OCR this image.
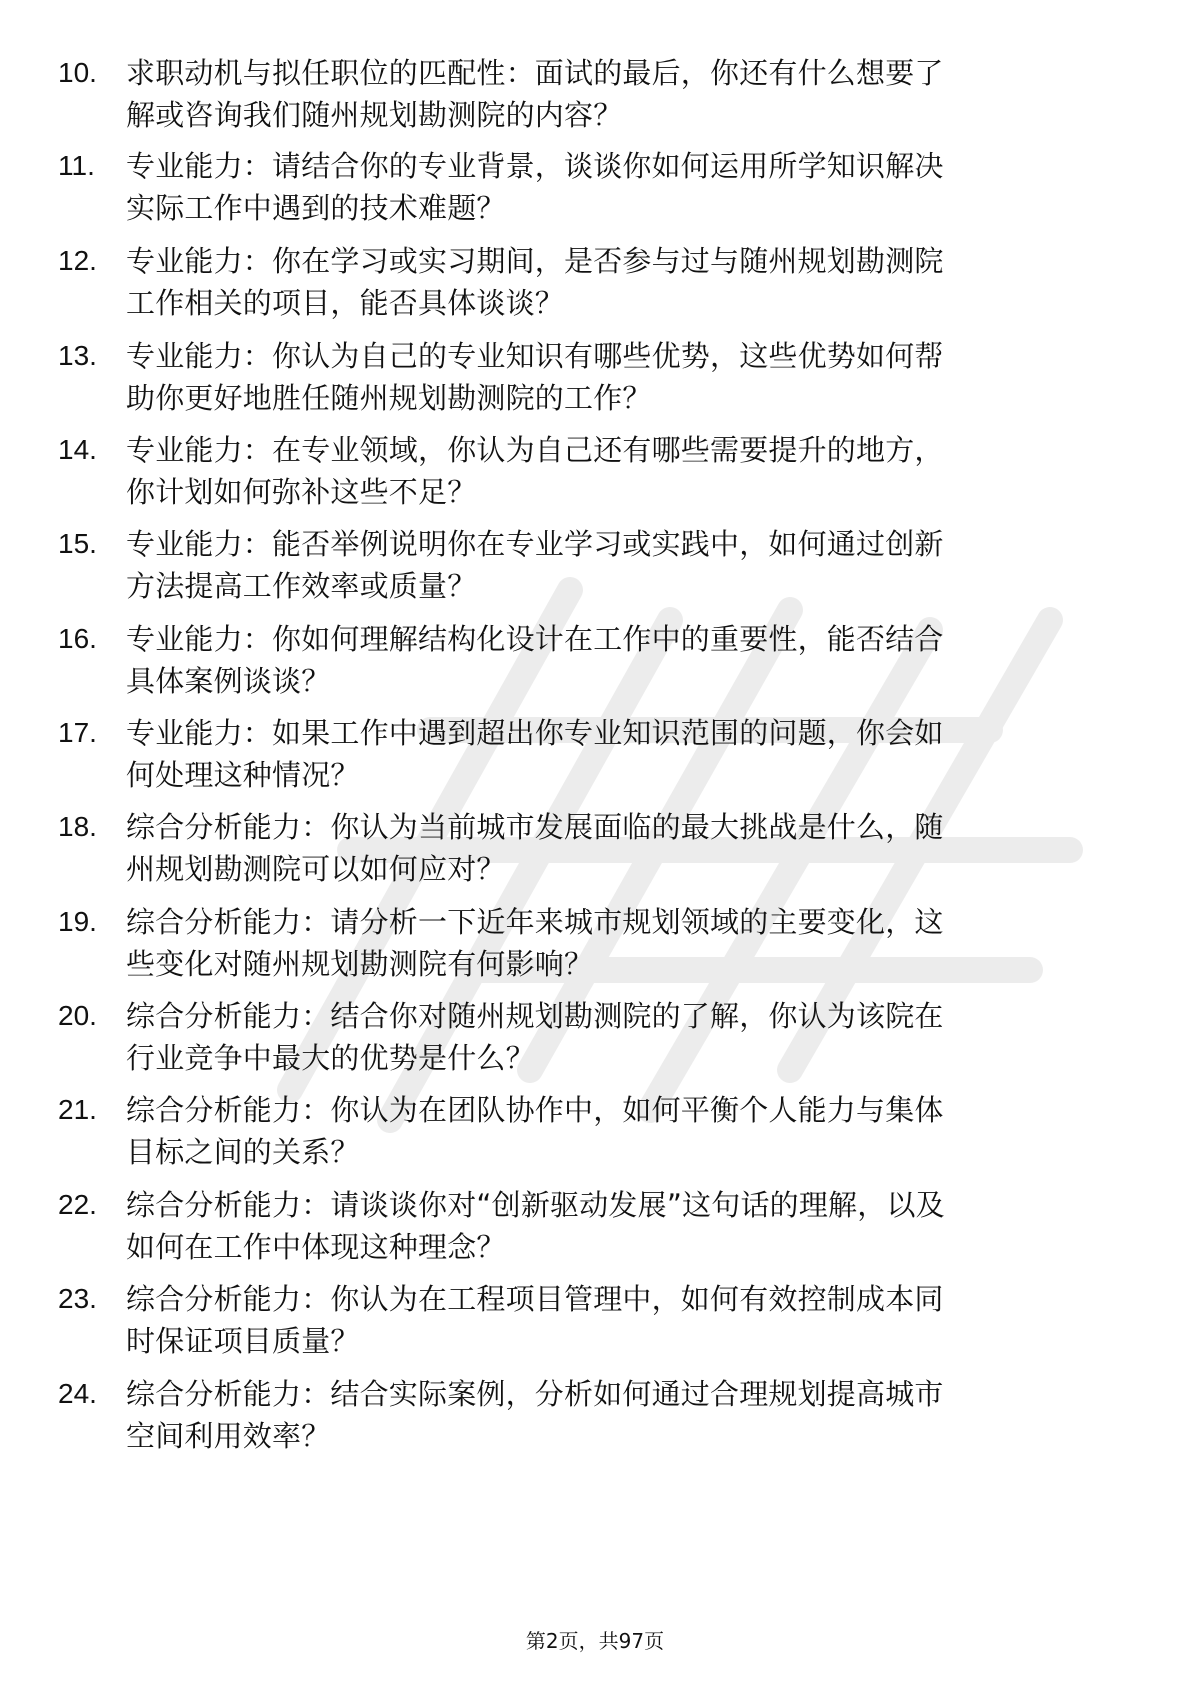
10. 求职动机与拟任职位的匹配性：面试的最后，你还有什么想要了
解或咨询我们随州规划勘测院的内容？
11. 专业能力：请结合你的专业背景，谈谈你如何运用所学知识解决
实际工作中遇到的技术难题？
12. 专业能力：你在学习或实习期间，是否参与过与随州规划勘测院
工作相关的项目，能否具体谈谈？
13. 专业能力：你认为自己的专业知识有哪些优势，这些优势如何帮
助你更好地胜任随州规划勘测院的工作？
14. 专业能力：在专业领域，你认为自己还有哪些需要提升的地方，
你计划如何弥补这些不足？
15. 专业能力：能否举例说明你在专业学习或实践中，如何通过创新
方法提高工作效率或质量？
16. 专业能力：你如何理解结构化设计在工作中的重要性，能否结合
具体案例谈谈？
17. 专业能力：如果工作中遇到超出你专业知识范围的问题，你会如
何处理这种情况？
18. 综合分析能力：你认为当前城市发展面临的最大挑战是什么，随
州规划勘测院可以如何应对？
19. 综合分析能力：请分析一下近年来城市规划领域的主要变化，这
些变化对随州规划勘测院有何影响？
20. 综合分析能力：结合你对随州规划勘测院的了解，你认为该院在
行业竞争中最大的优势是什么？
21. 综合分析能力：你认为在团队协作中，如何平衡个人能力与集体
目标之间的关系？
22. 综合分析能力：请谈谈你对“创新驱动发展”这句话的理解，以及
如何在工作中体现这种理念？
23. 综合分析能力：你认为在工程项目管理中，如何有效控制成本同
时保证项目质量？
24. 综合分析能力：结合实际案例，分析如何通过合理规划提高城市
空间利用效率？
第2页，共97页
